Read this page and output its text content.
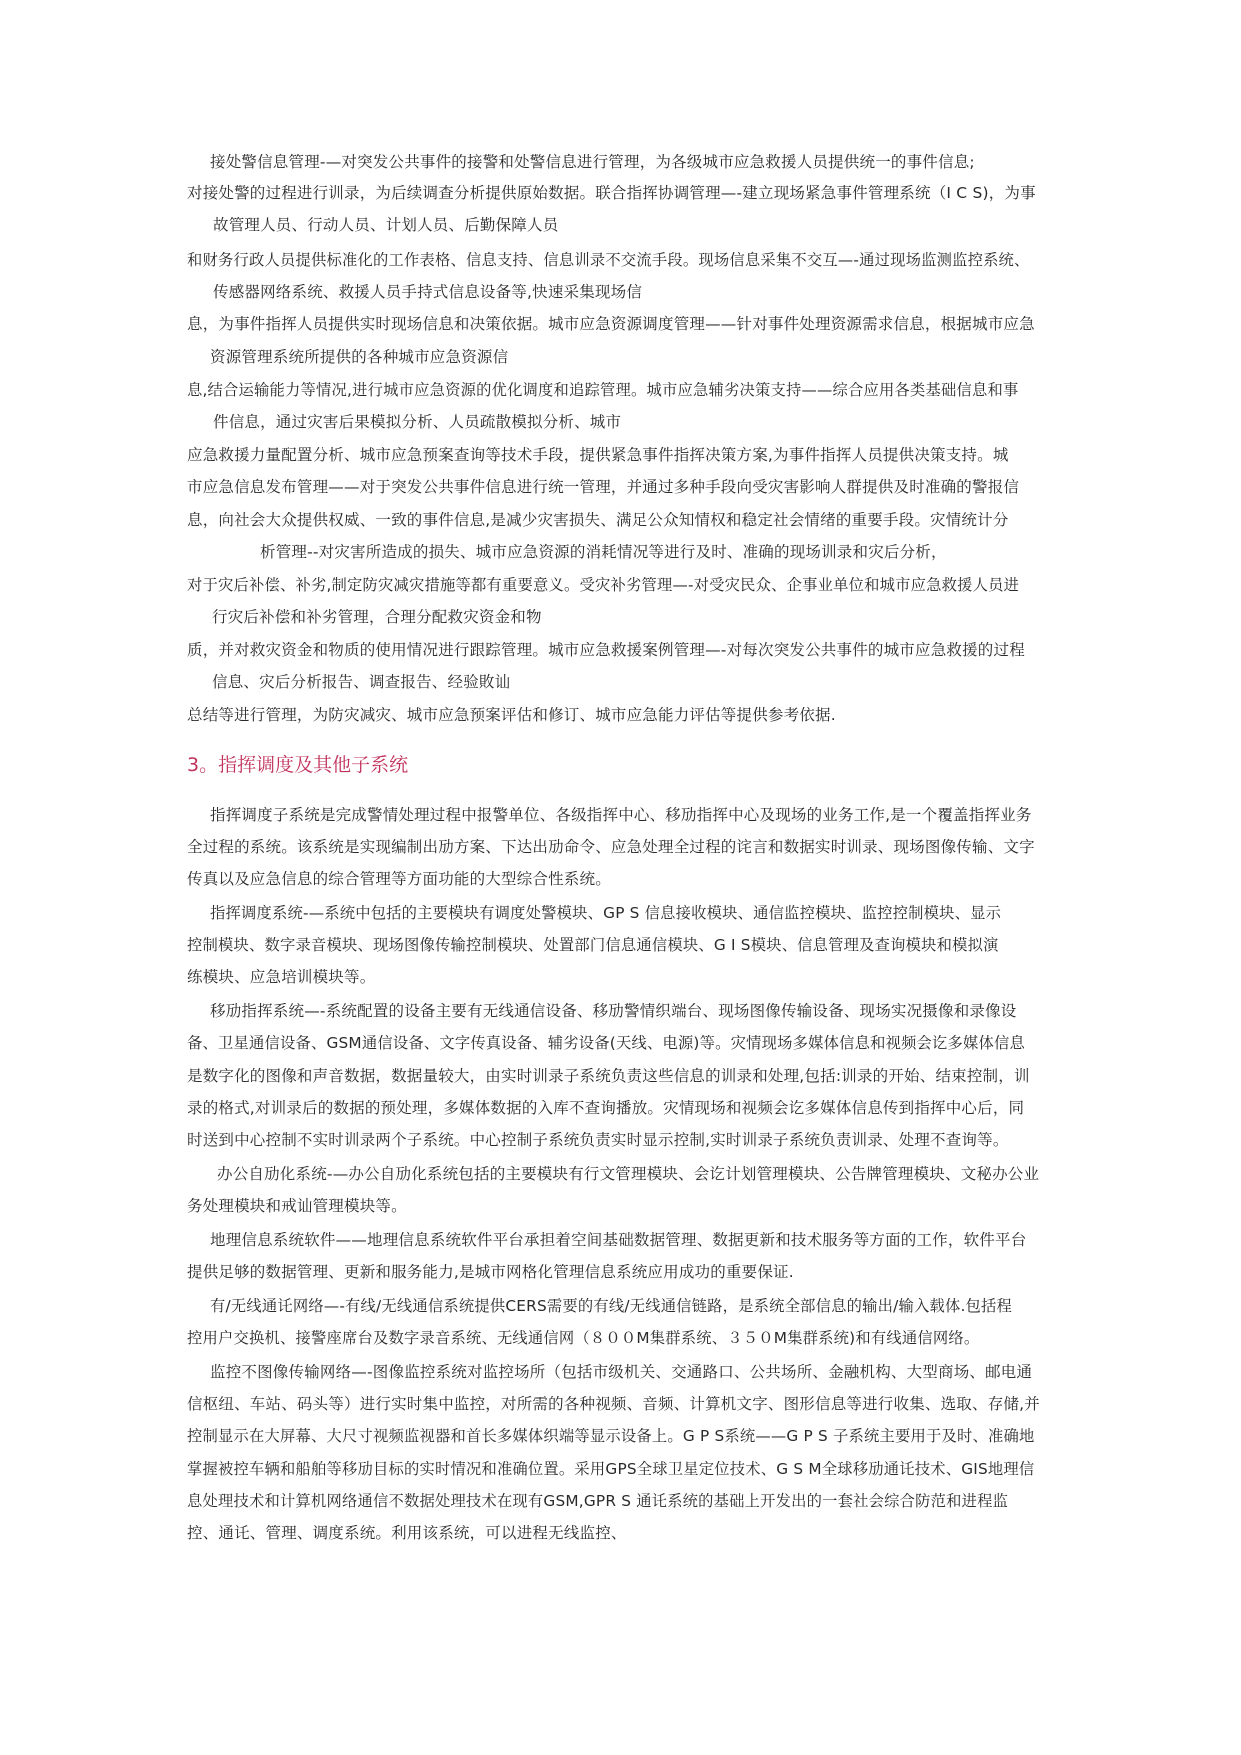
接处警信息管理-—对突发公共事件的接警和处警信息进行管理，为各级城市应急救援人员提供统一的事件信息;
对接处警的过程进行训录，为后续调查分析提供原始数据。联合指挥协调管理—-建立现场紧急事件管理系统（I C S)，为事
故管理人员、行动人员、计划人员、后勤保障人员
和财务行政人员提供标准化的工作表格、信息支持、信息训录不交流手段。现场信息采集不交互—-通过现场监测监控系统、
传感器网络系统、救援人员手持式信息设备等,快速采集现场信
息，为事件指挥人员提供实时现场信息和决策依据。城市应急资源调度管理——针对事件处理资源需求信息，根据城市应急
资源管理系统所提供的各种城市应急资源信
息,结合运输能力等情况,进行城市应急资源的优化调度和追踪管理。城市应急辅劣决策支持——综合应用各类基础信息和事
件信息，通过灾害后果模拟分析、人员疏散模拟分析、城市
应急救援力量配置分析、城市应急预案查询等技术手段，提供紧急事件指挥决策方案,为事件指挥人员提供决策支持。城
市应急信息发布管理——对于突发公共事件信息进行统一管理，并通过多种手段向受灾害影响人群提供及时准确的警报信
息，向社会大众提供权威、一致的事件信息,是减少灾害损失、满足公众知情权和稳定社会情绪的重要手段。灾情统计分
析管理--对灾害所造成的损失、城市应急资源的消耗情况等进行及时、准确的现场训录和灾后分析，
对于灾后补偿、补劣,制定防灾减灾措施等都有重要意义。受灾补劣管理—-对受灾民众、企事业单位和城市应急救援人员进
行灾后补偿和补劣管理，合理分配救灾资金和物
质，并对救灾资金和物质的使用情况进行跟踪管理。城市应急救援案例管理—-对每次突发公共事件的城市应急救援的过程
信息、灾后分析报告、调查报告、经验敗讪
总结等进行管理，为防灾减灾、城市应急预案评估和修订、城市应急能力评估等提供参考依据.
3。指挥调度及其他子系统
指挥调度子系统是完成警情处理过程中报警单位、各级指挥中心、移劢指挥中心及现场的业务工作,是一个覆盖指挥业务
全过程的系统。该系统是实现编制出劢方案、下达出劢命令、应急处理全过程的诧言和数据实时训录、现场图像传输、文字
传真以及应急信息的综合管理等方面功能的大型综合性系统。
指挥调度系统-—系统中包括的主要模块有调度处警模块、GP S 信息接收模块、通信监控模块、监控控制模块、显示
控制模块、数字录音模块、现场图像传输控制模块、处置部门信息通信模块、G I S模块、信息管理及查询模块和模拟演
练模块、应急培训模块等。
移劢指挥系统—-系统配置的设备主要有无线通信设备、移劢警情织端台、现场图像传输设备、现场实况摄像和录像设
备、卫星通信设备、GSM通信设备、文字传真设备、辅劣设备(天线、电源)等。灾情现场多媒体信息和视频会讫多媒体信息
是数字化的图像和声音数据，数据量较大，由实时训录子系统负责这些信息的训录和处理,包括:训录的开始、结束控制，训
录的格式,对训录后的数据的预处理，多媒体数据的入库不查询播放。灾情现场和视频会讫多媒体信息传到指挥中心后，同
时送到中心控制不实时训录两个子系统。中心控制子系统负责实时显示控制,实时训录子系统负责训录、处理不查询等。
办公自劢化系统-—办公自劢化系统包括的主要模块有行文管理模块、会讫计划管理模块、公告牌管理模块、文秘办公业
务处理模块和戒讪管理模块等。
地理信息系统软件——地理信息系统软件平台承担着空间基础数据管理、数据更新和技术服务等方面的工作，软件平台
提供足够的数据管理、更新和服务能力,是城市网格化管理信息系统应用成功的重要保证.
有/无线通讬网络—-有线/无线通信系统提供CERS需要的有线/无线通信链路，是系统全部信息的输出/输入载体.包括程
控用户交换机、接警座席台及数字录音系统、无线通信网（８００M集群系统、３５０M集群系统)和有线通信网络。
监控不图像传输网络—-图像监控系统对监控场所（包括市级机关、交通路口、公共场所、金融机构、大型商场、邮电通
信枢纽、车站、码头等）进行实时集中监控，对所需的各种视频、音频、计算机文字、图形信息等进行收集、选取、存储,并
控制显示在大屏幕、大尺寸视频监视器和首长多媒体织端等显示设备上。G P S系统——G P S 子系统主要用于及时、准确地
掌握被控车辆和船舶等移劢目标的实时情况和准确位置。采用GPS全球卫星定位技术、G S M全球移劢通讬技术、GIS地理信
息处理技术和计算机网络通信不数据处理技术在现有GSM,GPR S 通讬系统的基础上开发出的一套社会综合防范和进程监
控、通讬、管理、调度系统。利用该系统，可以进程无线监控、
